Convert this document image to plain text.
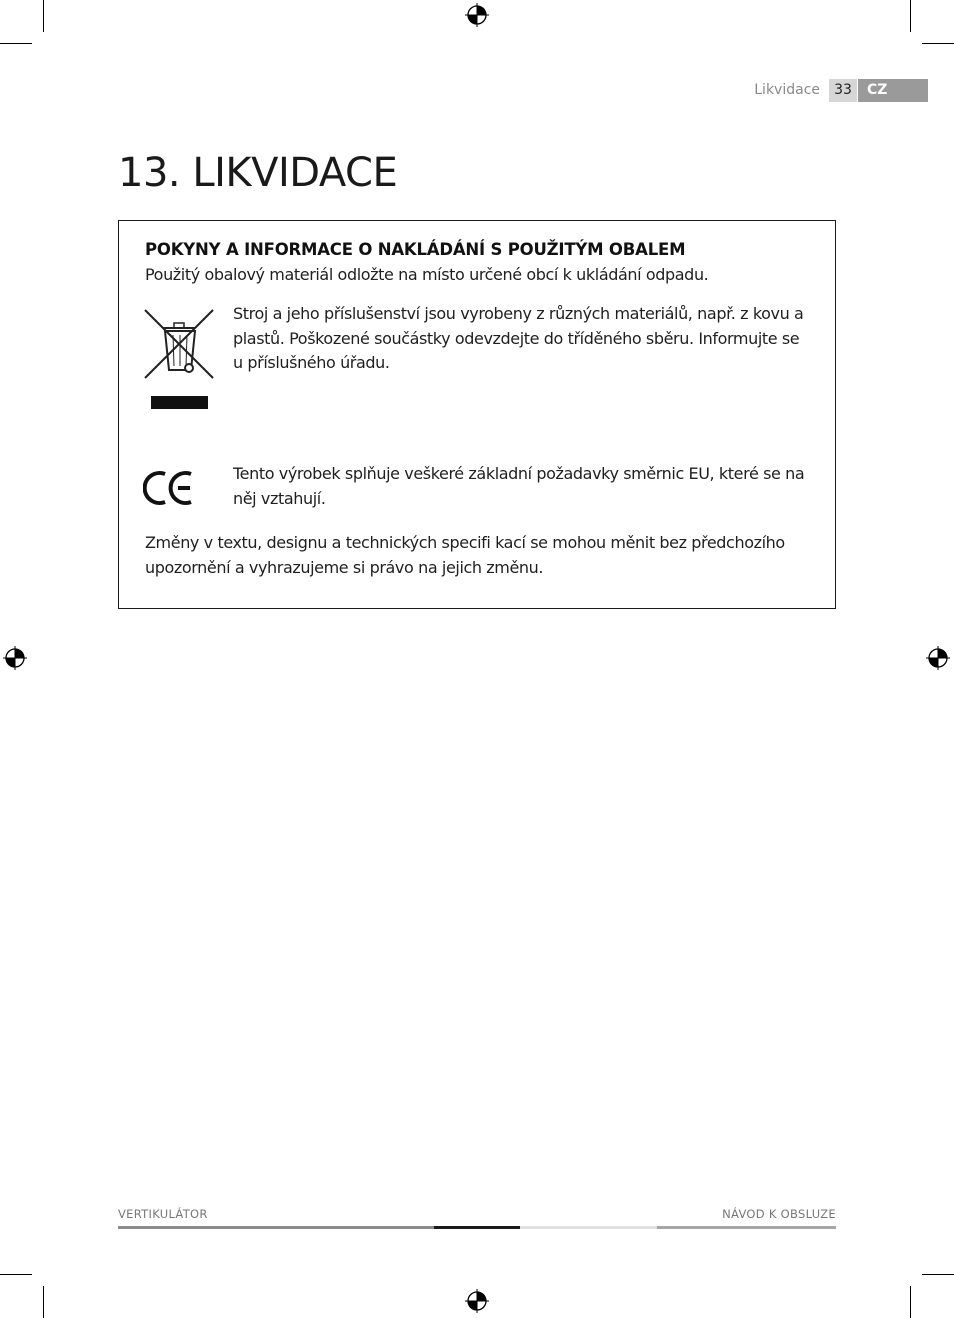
Likvidace	33	CZ
13. LIKVIDACE
POKYNY A INFORMACE O NAKLÁDÁNÍ S POUŽITÝM OBALEM
Použitý obalový materiál odložte na místo určené obcí k ukládání odpadu.
Stroj a jeho příslušenství jsou vyrobeny z různých materiálů, např. z kovu a plastů. Poškozené součástky odevzdejte do tříděného sběru. Informujte se u příslušného úřadu.
Tento výrobek splňuje veškeré základní požadavky směrnic EU, které se na něj vztahují.
Změny v textu, designu a technických specifi kací se mohou měnit bez předchozího upozornění a vyhrazujeme si právo na jejich změnu.
VERTIKULÁTOR	NÁVOD K OBSLUZE
